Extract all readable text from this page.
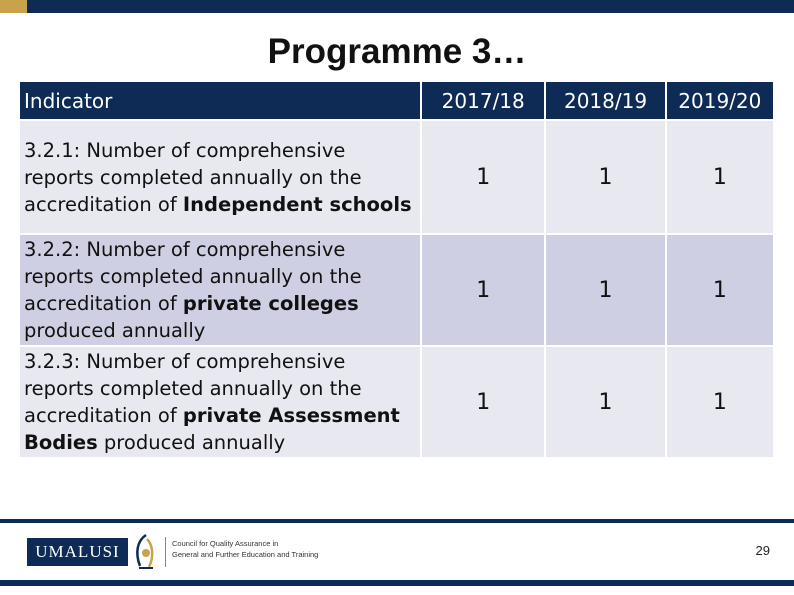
Programme 3…
Indicator	2017/18	2018/19	2019/20
3.2.1: Number of comprehensive reports completed annually on the accreditation of Independent schools	1	1	1
3.2.2: Number of comprehensive reports completed annually on the accreditation of private colleges produced annually	1	1	1
3.2.3: Number of comprehensive reports completed annually on the accreditation of private Assessment Bodies produced annually	1	1	1
UMALUSI	Council for Quality Assurance in
General and Further Education and Training	29
